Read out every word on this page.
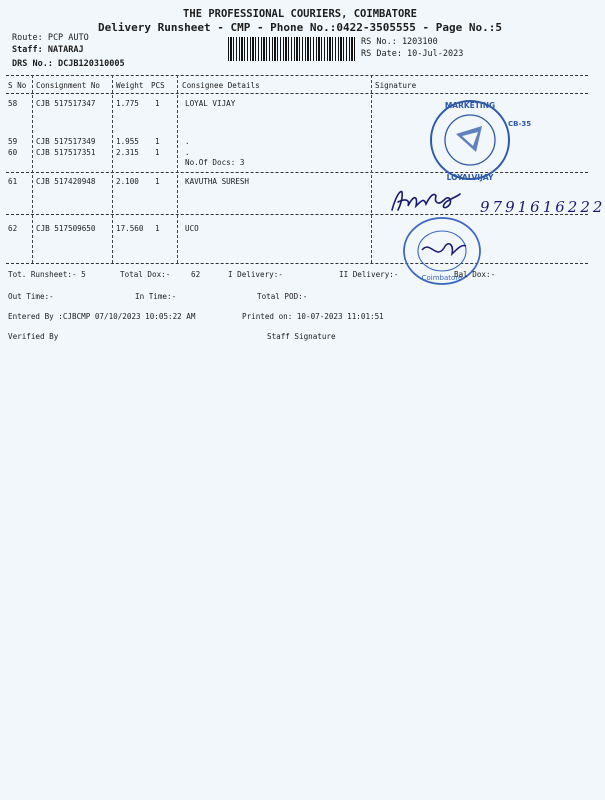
THE PROFESSIONAL COURIERS, COIMBATORE
Delivery Runsheet - CMP - Phone No.:0422-3505555 - Page No.:5
Route: PCP AUTO
Staff: NATARAJ
DRS No.: DCJB120310005
RS No.: 1203100
RS Date: 10-Jul-2023
S No Consignment No Weight PCS Consignee Details	Signature
58 CJB 517517347	1.775 1	LOYAL VIJAY
59 CJB 517517349	1.955 1	.
60 CJB 517517351	2.315 1	.
No.Of Docs: 3
61 CJB 517420948	2.100 1	KAVUTHA SURESH
62 CJB 517509650	17.560 1	UCO
MARKETING
LOYALVIJAY
CB-35
9791616222
Coimbatore
Tot. Runsheet:- 5	Total Dox:-	62	I Delivery:-	II Delivery:-	Bal Dox:-
Out Time:-	In Time:-	Total POD:-
Entered By :CJBCMP 07/10/2023 10:05:22 AM	Printed on: 10-07-2023 11:01:51
Verified By	Staff Signature
